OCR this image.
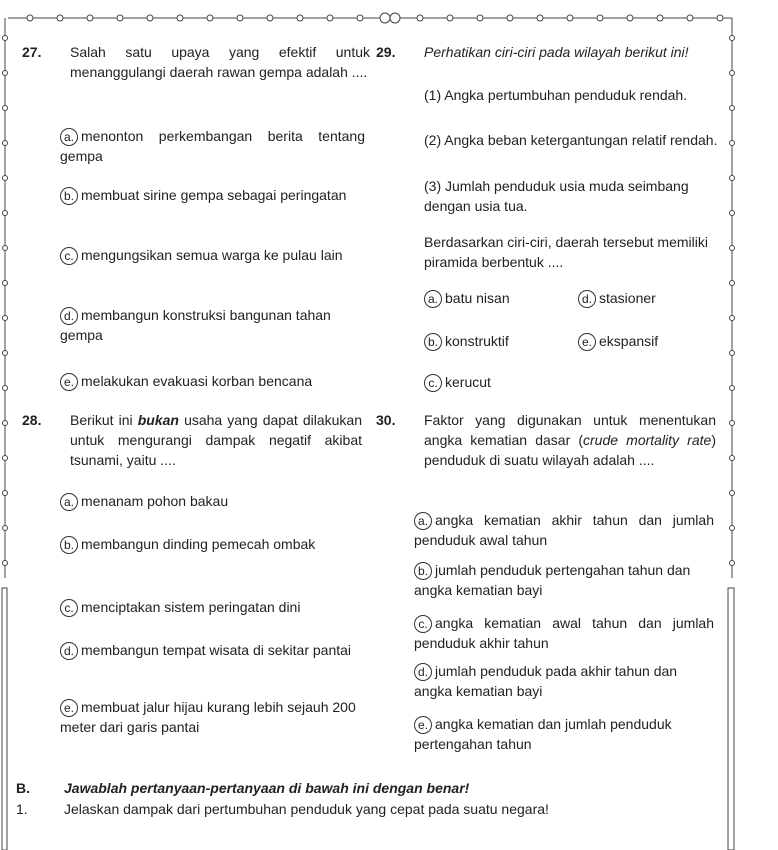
27. Salah satu upaya yang efektif untuk menanggulangi daerah rawan gempa adalah ....
a. menonton perkembangan berita tentang gempa
b. membuat sirine gempa sebagai peringatan
c. mengungsikan semua warga ke pulau lain
d. membangun konstruksi bangunan tahan gempa
e. melakukan evakuasi korban bencana
28. Berikut ini bukan usaha yang dapat dilakukan untuk mengurangi dampak negatif akibat tsunami, yaitu ....
a. menanam pohon bakau
b. membangun dinding pemecah ombak
c. menciptakan sistem peringatan dini
d. membangun tempat wisata di sekitar pantai
e. membuat jalur hijau kurang lebih sejauh 200 meter dari garis pantai
29. Perhatikan ciri-ciri pada wilayah berikut ini!
(1) Angka pertumbuhan penduduk rendah.
(2) Angka beban ketergantungan relatif rendah.
(3) Jumlah penduduk usia muda seimbang dengan usia tua.
Berdasarkan ciri-ciri, daerah tersebut memiliki piramida berbentuk ....
a. batu nisan
b. konstruktif
c. kerucut
d. stasioner
e. ekspansif
30. Faktor yang digunakan untuk menentukan angka kematian dasar (crude mortality rate) penduduk di suatu wilayah adalah ....
a. angka kematian akhir tahun dan jumlah penduduk awal tahun
b. jumlah penduduk pertengahan tahun dan angka kematian bayi
c. angka kematian awal tahun dan jumlah penduduk akhir tahun
d. jumlah penduduk pada akhir tahun dan angka kematian bayi
e. angka kematian dan jumlah penduduk pertengahan tahun
B. Jawablah pertanyaan-pertanyaan di bawah ini dengan benar!
1.	Jelaskan dampak dari pertumbuhan penduduk yang cepat pada suatu negara!
